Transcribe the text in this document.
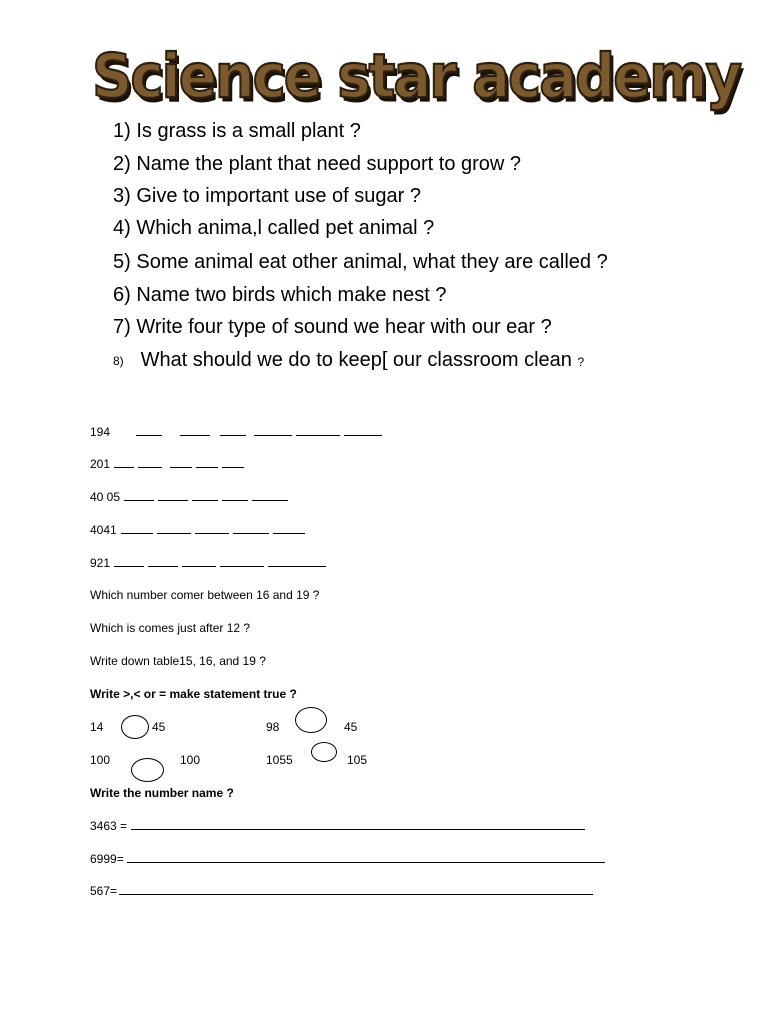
Science star academy
1) Is grass is a small plant ?
2) Name the plant that need support to grow ?
3) Give to important use of sugar ?
4) Which anima,l called pet animal ?
5) Some animal eat other animal, what they are called ?
6) Name two birds which make nest ?
7) Write four type of sound we hear with our ear ?
8) What should we do to keep[ our classroom clean ?
194
201
40 05
4041
921
Which number comer between 16 and 19 ?
Which is comes just after 12 ?
Write down table15, 16, and 19 ?
Write >,< or = make statement true ?
14	45	98	45
100	100	1055	105
Write the number name ?
3463 =
6999=
567=
